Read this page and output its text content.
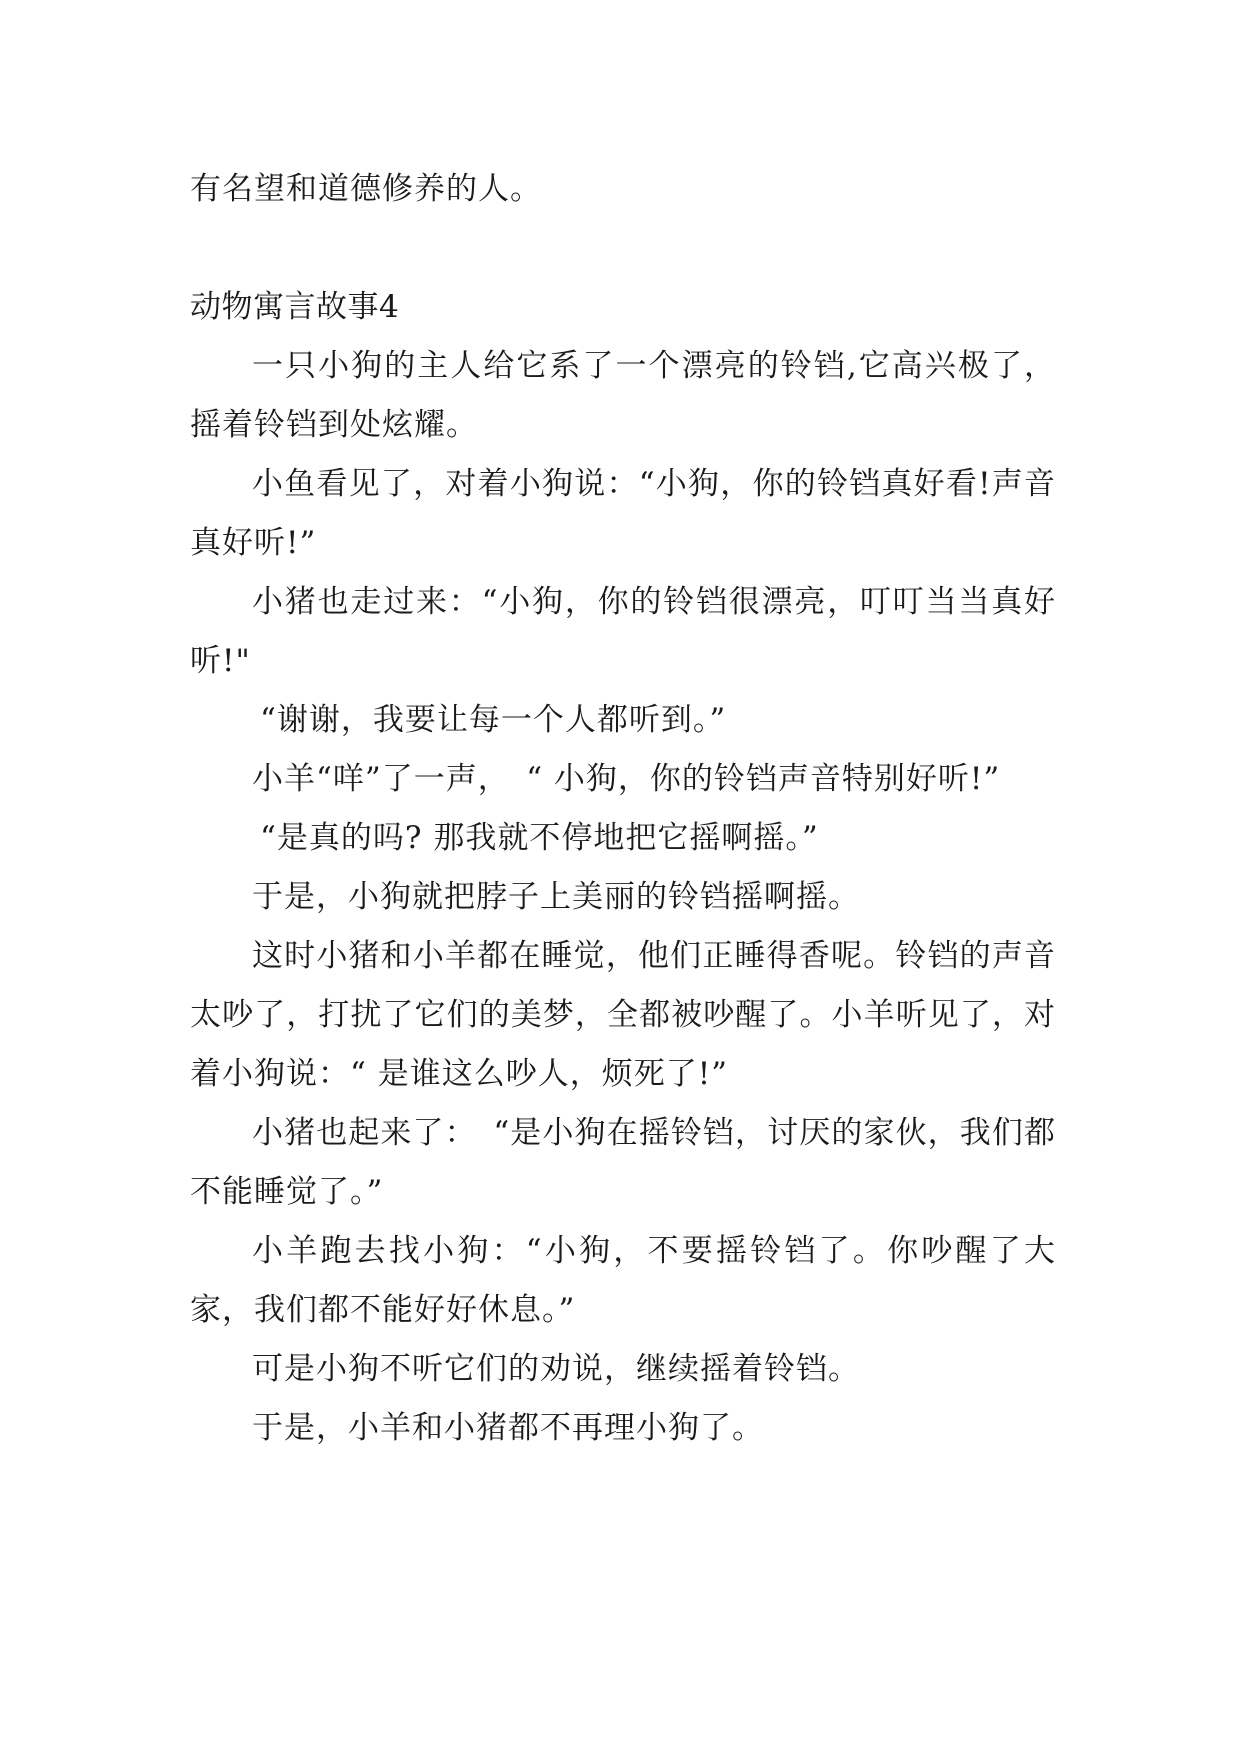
有名望和道德修养的人。

动物寓言故事4

一只小狗的主人给它系了一个漂亮的铃铛,它高兴极了，摇着铃铛到处炫耀。

小鱼看见了，对着小狗说：“小狗，你的铃铛真好看!声音真好听!”

小猪也走过来：“小狗，你的铃铛很漂亮，叮叮当当真好听!"

“谢谢，我要让每一个人都听到。”

小羊“咩”了一声，　“ 小狗，你的铃铛声音特别好听!”

“是真的吗? 那我就不停地把它摇啊摇。”

于是，小狗就把脖子上美丽的铃铛摇啊摇。

这时小猪和小羊都在睡觉，他们正睡得香呢。铃铛的声音太吵了，打扰了它们的美梦，全都被吵醒了。小羊听见了，对着小狗说：“ 是谁这么吵人，烦死了!”

小猪也起来了：　“是小狗在摇铃铛，讨厌的家伙，我们都不能睡觉了。”

小羊跑去找小狗：“小狗，不要摇铃铛了。你吵醒了大家，我们都不能好好休息。”

可是小狗不听它们的劝说，继续摇着铃铛。

于是，小羊和小猪都不再理小狗了。
